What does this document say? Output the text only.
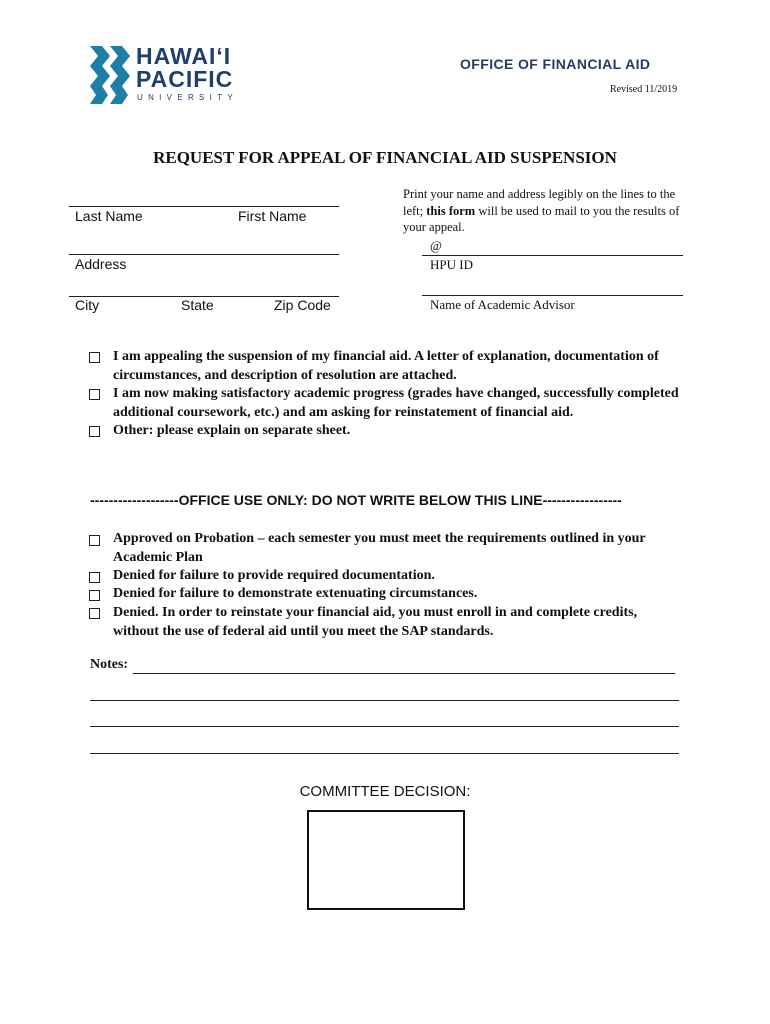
HAWAIʻI
PACIFIC
UNIVERSITY
OFFICE OF FINANCIAL AID
Revised 11/2019
REQUEST FOR APPEAL OF FINANCIAL AID SUSPENSION
Last Name	First Name
Address
City	State	Zip Code
Print your name and address legibly on the lines to the left; this form will be used to mail to you the results of your appeal.
@
HPU ID
Name of Academic Advisor
I am appealing the suspension of my financial aid. A letter of explanation, documentation of circumstances, and description of resolution are attached.
I am now making satisfactory academic progress (grades have changed, successfully completed additional coursework, etc.) and am asking for reinstatement of financial aid.
Other: please explain on separate sheet.
-------------------OFFICE USE ONLY: DO NOT WRITE BELOW THIS LINE-----------------
Approved on Probation – each semester you must meet the requirements outlined in your Academic Plan
Denied for failure to provide required documentation.
Denied for failure to demonstrate extenuating circumstances.
Denied. In order to reinstate your financial aid, you must enroll in and complete credits, without the use of federal aid until you meet the SAP standards.
Notes:
COMMITTEE DECISION:
